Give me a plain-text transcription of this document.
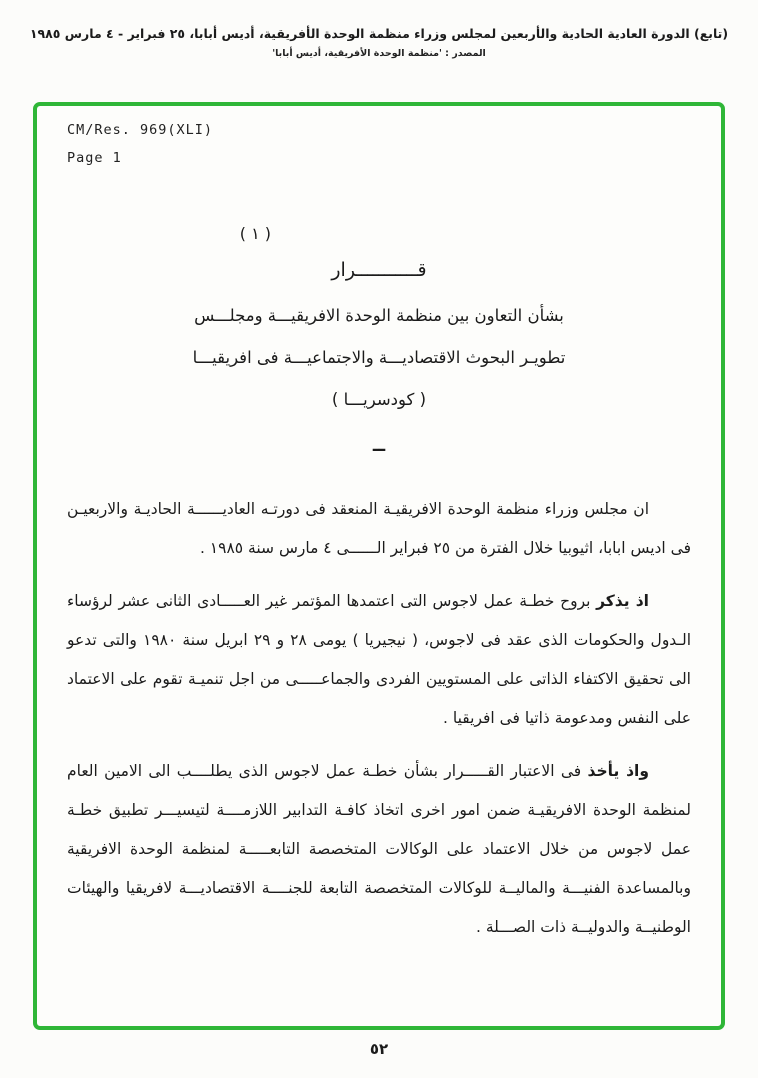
(تابع) الدورة العادية الحادية والأربعين لمجلس وزراء منظمة الوحدة الأفريقية، أديس أبابا، ٢٥ فبراير - ٤ مارس ١٩٨٥
المصدر : 'منظمة الوحدة الأفريقية، أديس أبابا'
CM/Res. 969(XLI)
Page 1
( ١ )
قـــــــــــرار
بشأن التعاون بين منظمة الوحدة الافريقيـــة ومجلـــس
تطويـر البحوث الاقتصاديـــة والاجتماعيـــة فى افريقيـــا
( كودسريـــا )
ــ

ان مجلس وزراء منظمة الوحدة الافريقيـة المنعقد فى دورتـه العاديــــــة الحاديـة والاربعيـن فى اديس ابابا، اثيوبيا خلال الفترة من ٢٥ فبراير الــــــى ٤ مارس سنة ١٩٨٥ .

اذ يذكر بروح خطـة عمل لاجوس التى اعتمدها المؤتمر غير العـــــادى الثانى عشر لرؤساء الـدول والحكومات الذى عقد فى لاجوس، ( نيجيريا ) يومى ٢٨ و ٢٩ ابريل سنة ١٩٨٠ والتى تدعو الى تحقيق الاكتفاء الذاتى على المستويين الفردى والجماعـــــى من اجل تنميـة تقوم على الاعتماد على النفس ومدعومة ذاتيا فى افريقيا .

واذ يأخذ فى الاعتبار القـــــرار بشأن خطـة عمل لاجوس الذى يطلــــب الى الامين العام لمنظمة الوحدة الافريقيـة ضمن امور اخرى اتخاذ كافـة التدابير اللازمــــة لتيسيـــر تطبيق خطـة عمل لاجوس من خلال الاعتماد على الوكالات المتخصصة التابعـــــة لمنظمة الوحدة الافريقية وبالمساعدة الفنيـــة والماليــة للوكالات المتخصصة التابعة للجنــــة الاقتصاديـــة لافريقيا والهيئات الوطنيــة والدوليــة ذات الصـــلة .

٥٢
